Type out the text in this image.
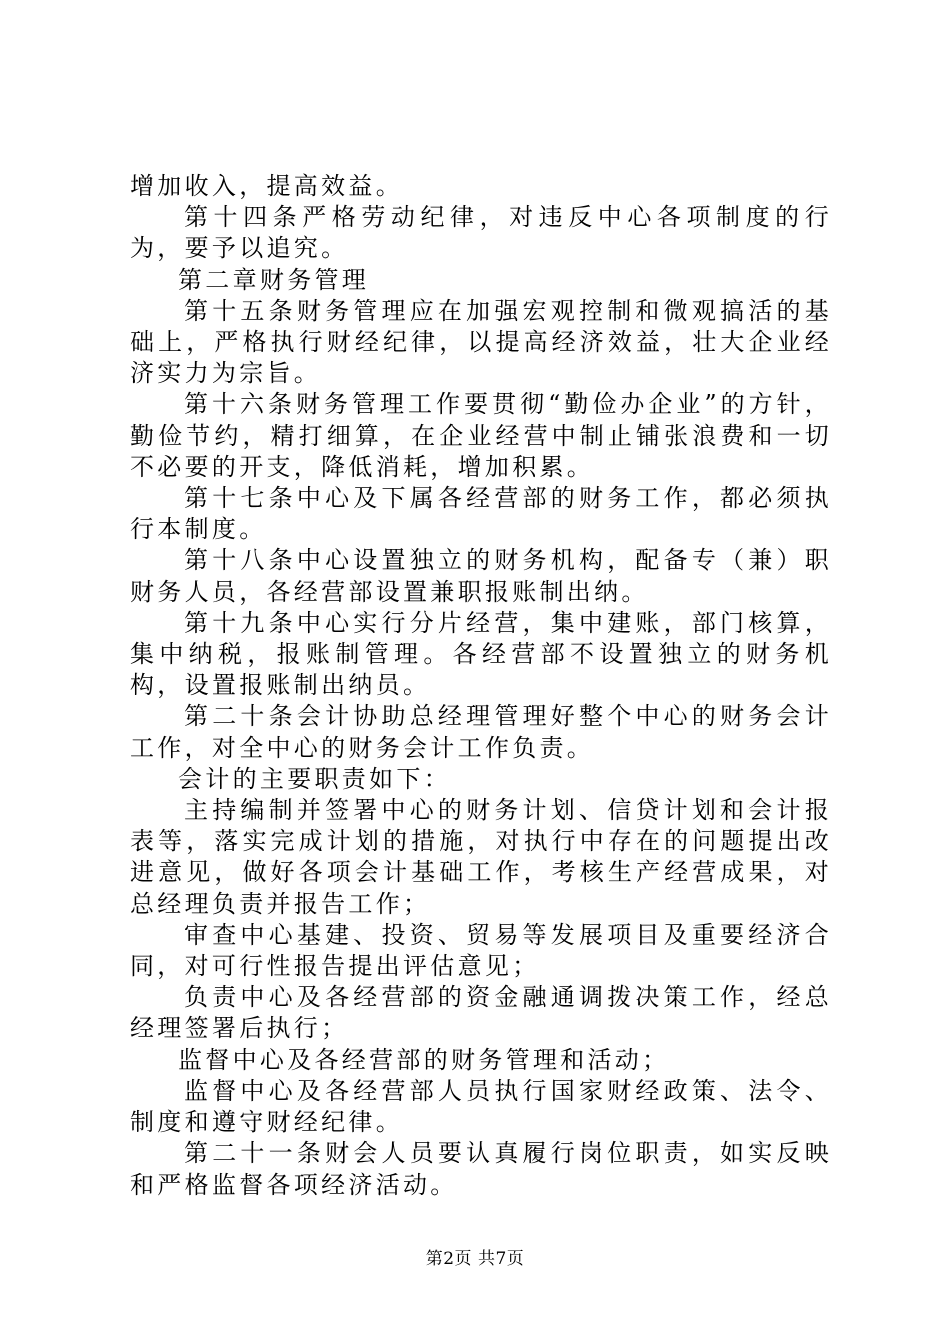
增加收入，提高效益。

第十四条严格劳动纪律，对违反中心各项制度的行为，要予以追究。

第二章财务管理

第十五条财务管理应在加强宏观控制和微观搞活的基础上，严格执行财经纪律，以提高经济效益，壮大企业经济实力为宗旨。

第十六条财务管理工作要贯彻“勤俭办企业”的方针，勤俭节约，精打细算，在企业经营中制止铺张浪费和一切不必要的开支，降低消耗，增加积累。

第十七条中心及下属各经营部的财务工作，都必须执行本制度。

第十八条中心设置独立的财务机构，配备专（兼）职财务人员，各经营部设置兼职报账制出纳。

第十九条中心实行分片经营，集中建账，部门核算，集中纳税，报账制管理。各经营部不设置独立的财务机构，设置报账制出纳员。

第二十条会计协助总经理管理好整个中心的财务会计工作，对全中心的财务会计工作负责。

会计的主要职责如下：

主持编制并签署中心的财务计划、信贷计划和会计报表等，落实完成计划的措施，对执行中存在的问题提出改进意见，做好各项会计基础工作，考核生产经营成果，对总经理负责并报告工作；

审查中心基建、投资、贸易等发展项目及重要经济合同，对可行性报告提出评估意见；

负责中心及各经营部的资金融通调拨决策工作，经总经理签署后执行；

监督中心及各经营部的财务管理和活动；

监督中心及各经营部人员执行国家财经政策、法令、制度和遵守财经纪律。

第二十一条财会人员要认真履行岗位职责，如实反映和严格监督各项经济活动。

第2页 共7页
